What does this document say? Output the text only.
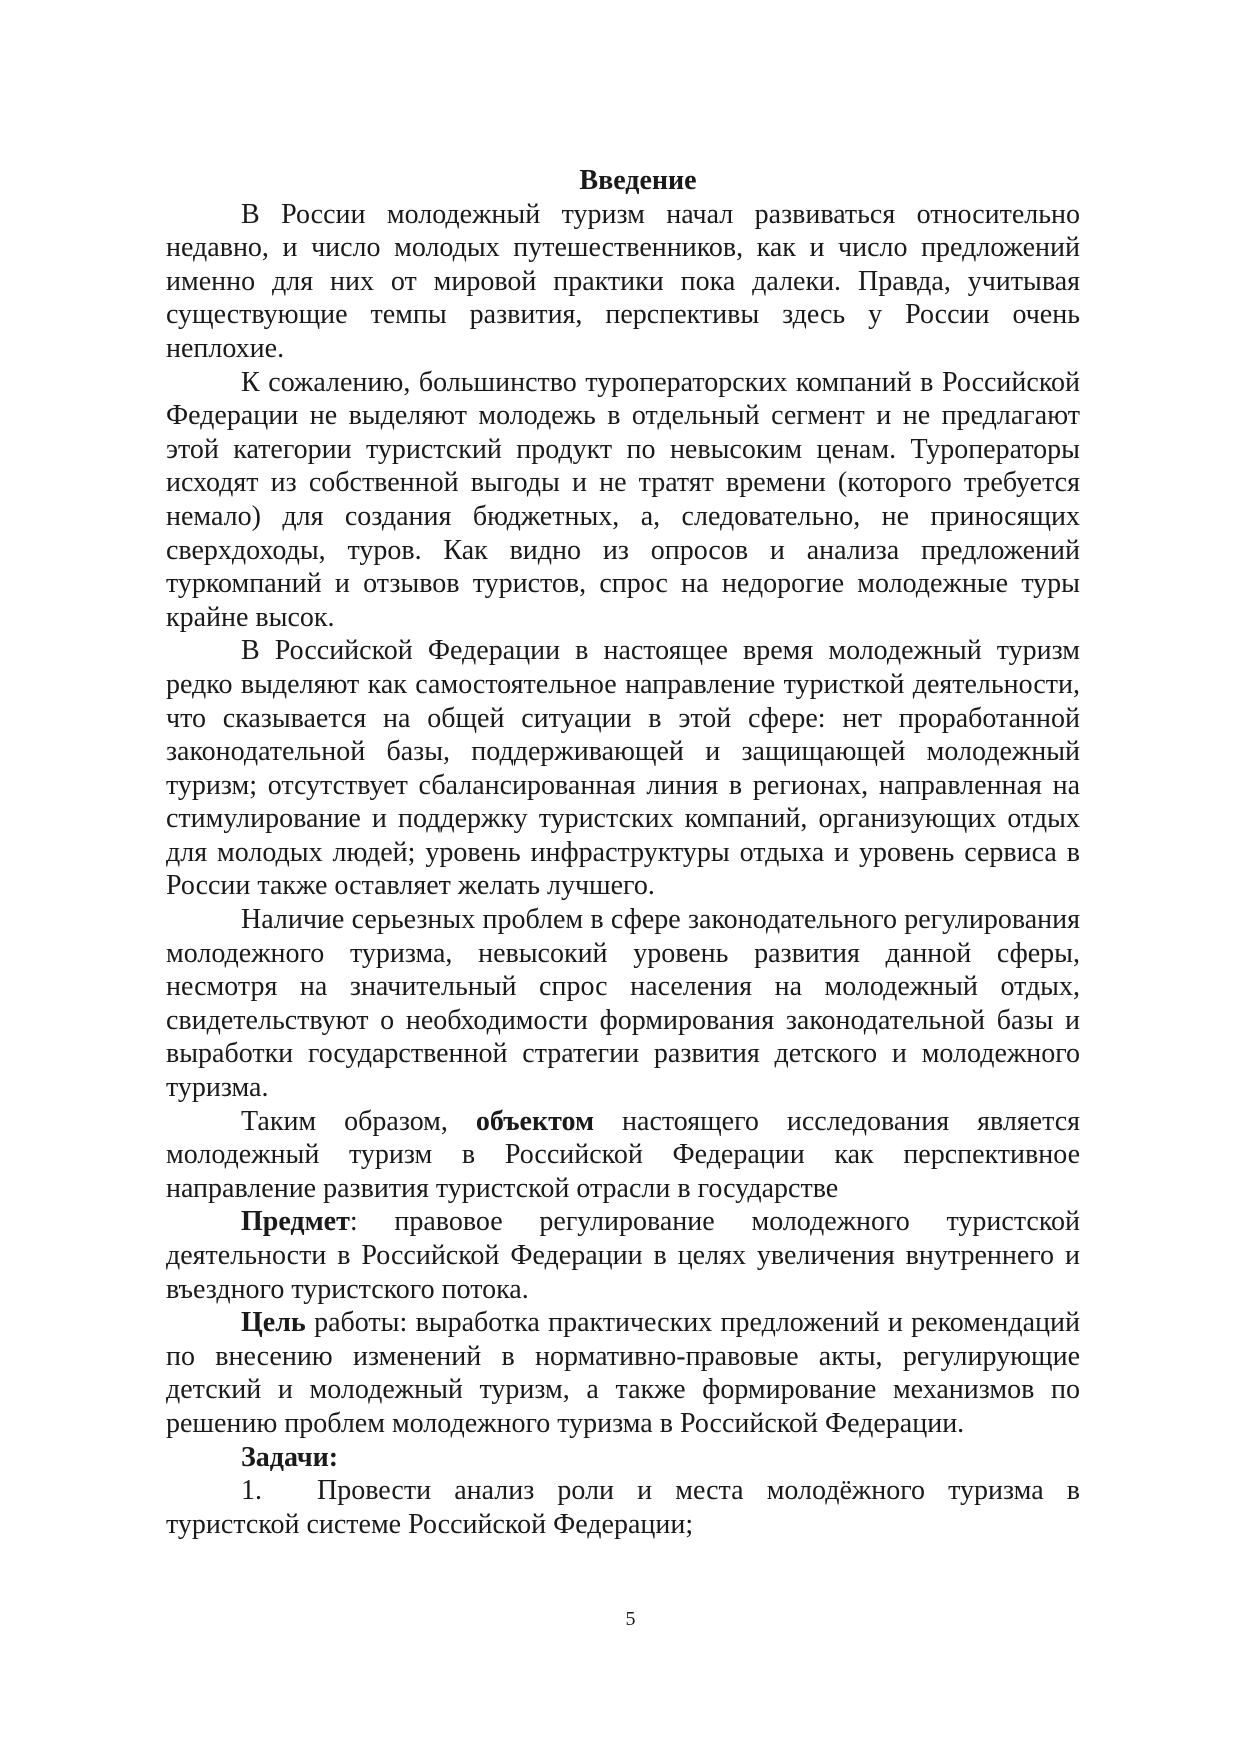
Введение

В России молодежный туризм начал развиваться относительно недавно, и число молодых путешественников, как и число предложений именно для них от мировой практики пока далеки. Правда, учитывая существующие темпы развития, перспективы здесь у России очень неплохие.

К сожалению, большинство туроператорских компаний в Российской Федерации не выделяют молодежь в отдельный сегмент и не предлагают этой категории туристский продукт по невысоким ценам. Туроператоры исходят из собственной выгоды и не тратят времени (которого требуется немало) для создания бюджетных, а, следовательно, не приносящих сверхдоходы, туров. Как видно из опросов и анализа предложений туркомпаний и отзывов туристов, спрос на недорогие молодежные туры крайне высок.

В Российской Федерации в настоящее время молодежный туризм редко выделяют как самостоятельное направление туристкой деятельности, что сказывается на общей ситуации в этой сфере: нет проработанной законодательной базы, поддерживающей и защищающей молодежный туризм; отсутствует сбалансированная линия в регионах, направленная на стимулирование и поддержку туристских компаний, организующих отдых для молодых людей; уровень инфраструктуры отдыха и уровень сервиса в России также оставляет желать лучшего.

Наличие серьезных проблем в сфере законодательного регулирования молодежного туризма, невысокий уровень развития данной сферы, несмотря на значительный спрос населения на молодежный отдых, свидетельствуют о необходимости формирования законодательной базы и выработки государственной стратегии развития детского и молодежного туризма.

Таким образом, объектом настоящего исследования является молодежный туризм в Российской Федерации как перспективное направление развития туристской отрасли в государстве

Предмет: правовое регулирование молодежного туристской деятельности в Российской Федерации в целях увеличения внутреннего и въездного туристского потока.

Цель работы: выработка практических предложений и рекомендаций по внесению изменений в нормативно-правовые акты, регулирующие детский и молодежный туризм, а также формирование механизмов по решению проблем молодежного туризма в Российской Федерации.

Задачи:

1. Провести анализ роли и места молодёжного туризма в туристской системе Российской Федерации;

5
